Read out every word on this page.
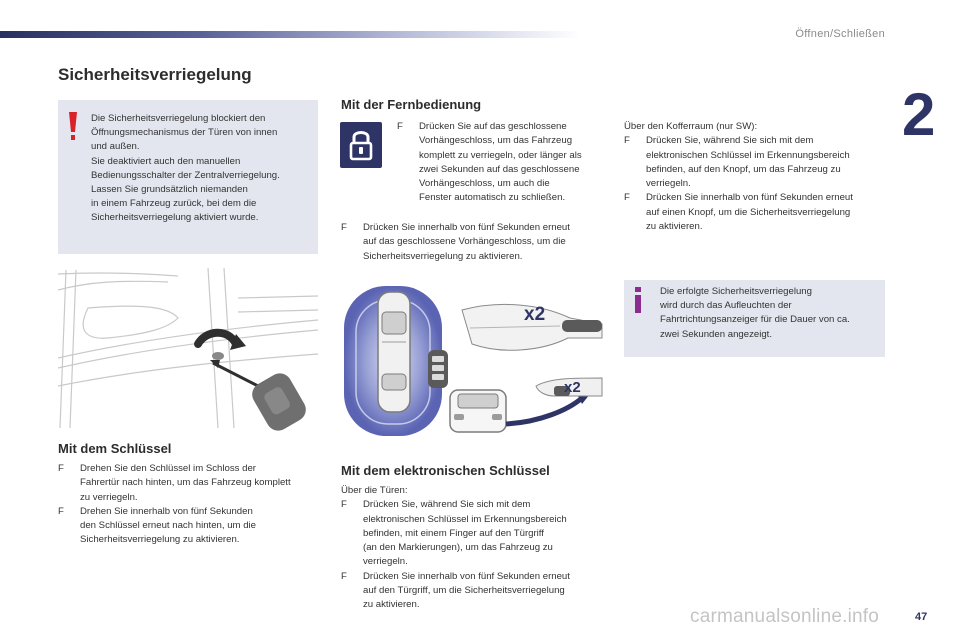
Öffnen/Schließen
2
Sicherheitsverriegelung
Die Sicherheitsverriegelung blockiert den
Öffnungsmechanismus der Türen von innen
und außen.
Sie deaktiviert auch den manuellen
Bedienungsschalter der Zentralverriegelung.
Lassen Sie grundsätzlich niemanden
in einem Fahrzeug zurück, bei dem die
Sicherheitsverriegelung aktiviert wurde.
Mit dem Schlüssel
F Drehen Sie den Schlüssel im Schloss der
Fahrertür nach hinten, um das Fahrzeug komplett
zu verriegeln.
F Drehen Sie innerhalb von fünf Sekunden
den Schlüssel erneut nach hinten, um die
Sicherheitsverriegelung zu aktivieren.
Mit der Fernbedienung
F Drücken Sie auf das geschlossene
Vorhängeschloss, um das Fahrzeug
komplett zu verriegeln, oder länger als
zwei Sekunden auf das geschlossene
Vorhängeschloss, um auch die
Fenster automatisch zu schließen.
F Drücken Sie innerhalb von fünf Sekunden erneut
auf das geschlossene Vorhängeschloss, um die
Sicherheitsverriegelung zu aktivieren.
Über den Kofferraum (nur SW):
F Drücken Sie, während Sie sich mit dem
elektronischen Schlüssel im Erkennungsbereich
befinden, auf den Knopf, um das Fahrzeug zu
verriegeln.
F Drücken Sie innerhalb von fünf Sekunden erneut
auf einen Knopf, um die Sicherheitsverriegelung
zu aktivieren.
Die erfolgte Sicherheitsverriegelung
wird durch das Aufleuchten der
Fahrtrichtungsanzeiger für die Dauer von ca.
zwei Sekunden angezeigt.
x2
x2
Mit dem elektronischen Schlüssel
Über die Türen:
F Drücken Sie, während Sie sich mit dem
elektronischen Schlüssel im Erkennungsbereich
befinden, mit einem Finger auf den Türgriff
(an den Markierungen), um das Fahrzeug zu
verriegeln.
F Drücken Sie innerhalb von fünf Sekunden erneut
auf den Türgriff, um die Sicherheitsverriegelung
zu aktivieren.
carmanualsonline.info	47
